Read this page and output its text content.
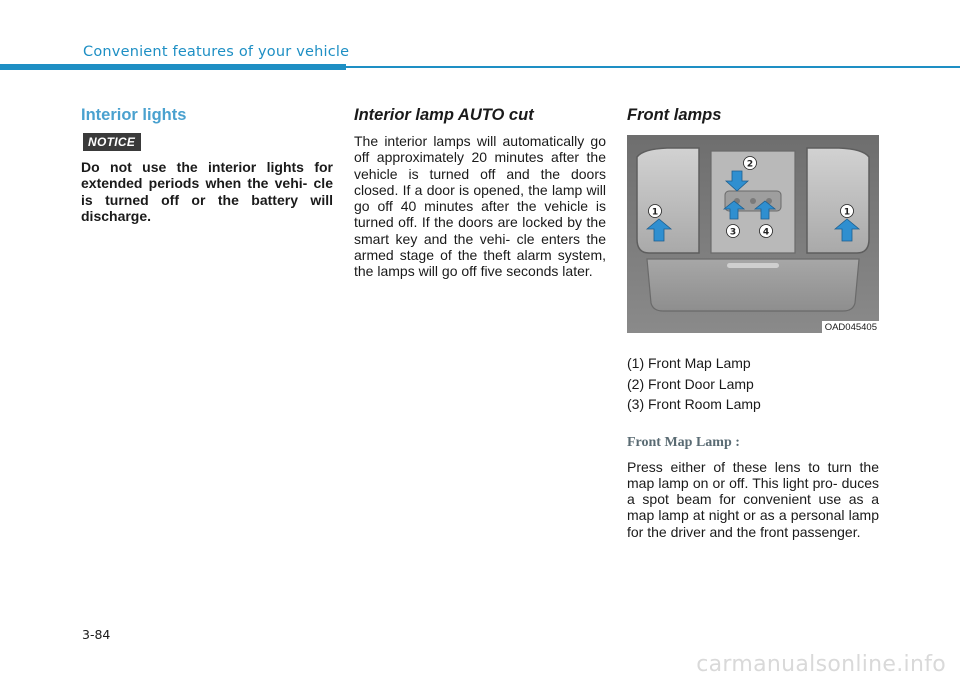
Convenient features of your vehicle
Interior lights
NOTICE

Do not use the interior lights for extended periods when the vehi- cle is turned off or the battery will discharge.

Interior lamp AUTO cut

The interior lamps will automatically go off approximately 20 minutes after the vehicle is turned off and the doors closed. If a door is opened, the lamp will go off 40 minutes after the vehicle is turned off. If the doors are locked by the smart key and the vehi- cle enters the armed stage of the theft alarm system, the lamps will go off five seconds later.

Front lamps
1
2
3	4
1
OAD045405

(1) Front Map Lamp

(2) Front Door Lamp

(3) Front Room Lamp

Front Map Lamp :

Press either of these lens to turn the map lamp on or off. This light pro- duces a spot beam for convenient use as a map lamp at night or as a personal lamp for the driver and the front passenger.

3-84
carmanualsonline.info
